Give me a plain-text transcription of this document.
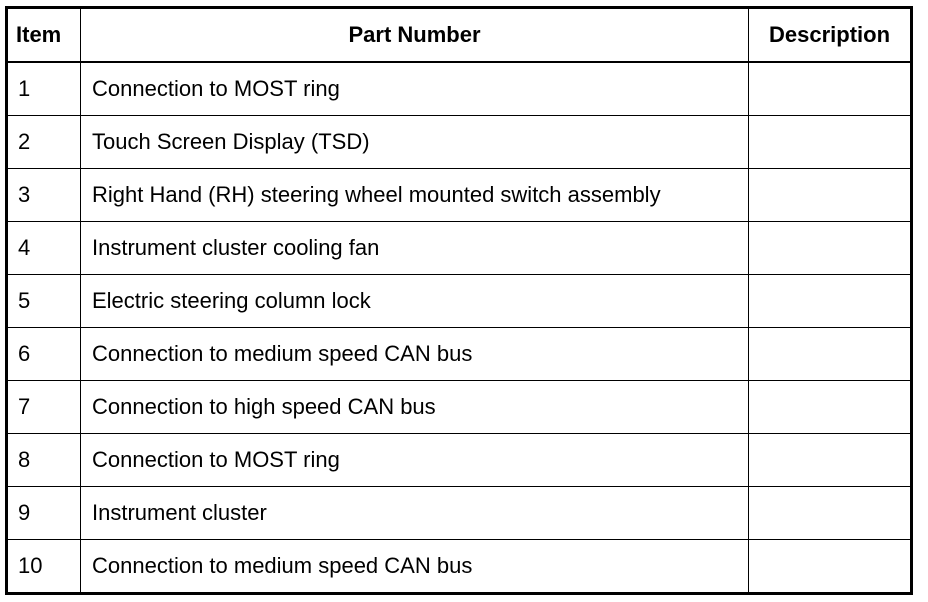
Item	Part Number	Description
1	Connection to MOST ring	
2	Touch Screen Display (TSD)	
3	Right Hand (RH) steering wheel mounted switch assembly	
4	Instrument cluster cooling fan	
5	Electric steering column lock	
6	Connection to medium speed CAN bus	
7	Connection to high speed CAN bus	
8	Connection to MOST ring	
9	Instrument cluster	
10	Connection to medium speed CAN bus	
